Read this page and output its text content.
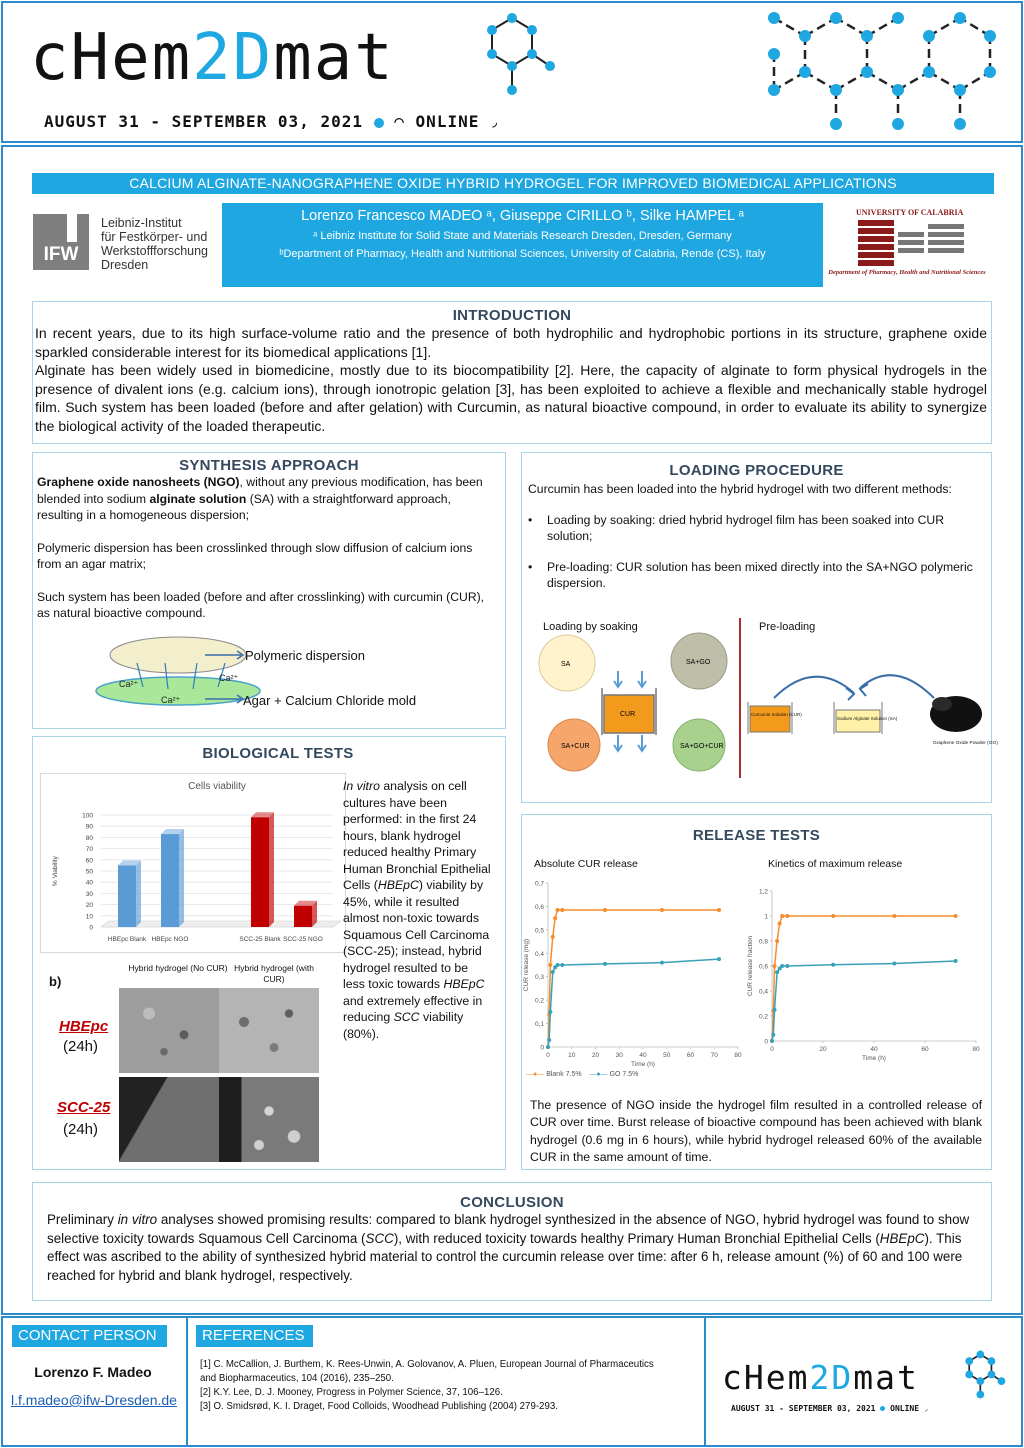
cHem2Dmat
AUGUST 31 - SEPTEMBER 03, 2021 ◠ ONLINE ◞
CALCIUM ALGINATE-NANOGRAPHENE OXIDE HYBRID HYDROGEL FOR IMPROVED BIOMEDICAL APPLICATIONS
IFW
Leibniz-Institut
für Festkörper- und
Werkstoffforschung
Dresden
Lorenzo Francesco MADEO ᵃ, Giuseppe CIRILLO ᵇ, Silke HAMPEL ᵃ
ᵃ Leibniz Institute for Solid State and Materials Research Dresden, Dresden, Germany
ᵇDepartment of Pharmacy, Health and Nutritional Sciences, University of Calabria, Rende (CS), Italy
UNIVERSITY OF CALABRIA
Department of Pharmacy, Health and Nutritional Sciences
INTRODUCTION
In recent years, due to its high surface-volume ratio and the presence of both hydrophilic and hydrophobic portions in its structure, graphene oxide sparkled considerable interest for its biomedical applications [1].
Alginate has been widely used in biomedicine, mostly due to its biocompatibility [2]. Here, the capacity of alginate to form physical hydrogels in the presence of divalent ions (e.g. calcium ions), through ionotropic gelation [3], has been exploited to achieve a flexible and mechanically stable hydrogel film. Such system has been loaded (before and after gelation) with Curcumin, as natural bioactive compound, in order to evaluate its ability to synergize the biological activity of the loaded therapeutic.
SYNTHESIS APPROACH
Graphene oxide nanosheets (NGO), without any previous modification, has been blended into sodium alginate solution (SA) with a straightforward approach, resulting in a homogeneous dispersion;
Polymeric dispersion has been crosslinked through slow diffusion of calcium ions from an agar matrix;
Such system has been loaded (before and after crosslinking) with curcumin (CUR), as natural bioactive compound.
Ca²⁺
Ca²⁺
Ca²⁺
Polymeric dispersion
Agar + Calcium Chloride mold
LOADING PROCEDURE
Curcumin has been loaded into the hybrid hydrogel with two different methods:
• Loading by soaking: dried hybrid hydrogel film has been soaked into CUR solution;
• Pre-loading: CUR solution has been mixed directly into the SA+NGO polymeric dispersion.
Loading by soaking	Pre-loading
SA	SA+GO
CUR
SA+CUR	SA+GO+CUR
Curcumin Solution (CUR)
Sodium Alginate Solution (SA)
Graphene Oxide Powder (GO)
BIOLOGICAL TESTS
Cells viability
% Viability
0
10
20
30
40
50
60
70
80
90
100
HBEpc Blank HBEpc NGO	SCC-25 Blank SCC-25 NGO
b)
Hybrid hydrogel (No CUR) Hybrid hydrogel (with CUR)
HBEpc
(24h)
SCC-25
(24h)
In vitro analysis on cell cultures have been performed: in the first 24 hours, blank hydrogel reduced healthy Primary Human Bronchial Epithelial Cells (HBEpC) viability by 45%, while it resulted almost non-toxic towards Squamous Cell Carcinoma (SCC-25); instead, hybrid hydrogel resulted to be less toxic towards HBEpC and extremely effective in reducing SCC viability (80%).
RELEASE TESTS
Absolute CUR release	Kinetics of maximum release
0
0,1
0,2
0,3
0,4
0,5
0,6
0,7
0	10	20	30	40	50	60	70	80
Time (h)
CUR release (mg)
0
0,2
0,4
0,6
0,8
1
1,2
0	20	40	60	80
Time (h)
CUR release fraction
—●— Blank 7.5% —●— GO 7.5%
The presence of NGO inside the hydrogel film resulted in a controlled release of CUR over time. Burst release of bioactive compound has been achieved with blank hydrogel (0.6 mg in 6 hours), while hybrid hydrogel released 60% of the available CUR in the same amount of time.
CONCLUSION
Preliminary in vitro analyses showed promising results: compared to blank hydrogel synthesized in the absence of NGO, hybrid hydrogel was found to show selective toxicity towards Squamous Cell Carcinoma (SCC), with reduced toxicity towards healthy Primary Human Bronchial Epithelial Cells (HBEpC). This effect was ascribed to the ability of synthesized hybrid material to control the curcumin release over time: after 6 h, release amount (%) of 60 and 100 were reached for hybrid and blank hydrogel, respectively.
CONTACT PERSON
Lorenzo F. Madeo
l.f.madeo@ifw-Dresden.de
REFERENCES
[1] C. McCallion, J. Burthem, K. Rees-Unwin, A. Golovanov, A. Pluen, European Journal of Pharmaceutics and Biopharmaceutics, 104 (2016), 235–250.
[2] K.Y. Lee, D. J. Mooney, Progress in Polymer Science, 37, 106–126.
[3] O. Smidsrød, K. I. Draget, Food Colloids, Woodhead Publishing (2004) 279-293.
cHem2Dmat
AUGUST 31 - SEPTEMBER 03, 2021 ONLINE ◞
